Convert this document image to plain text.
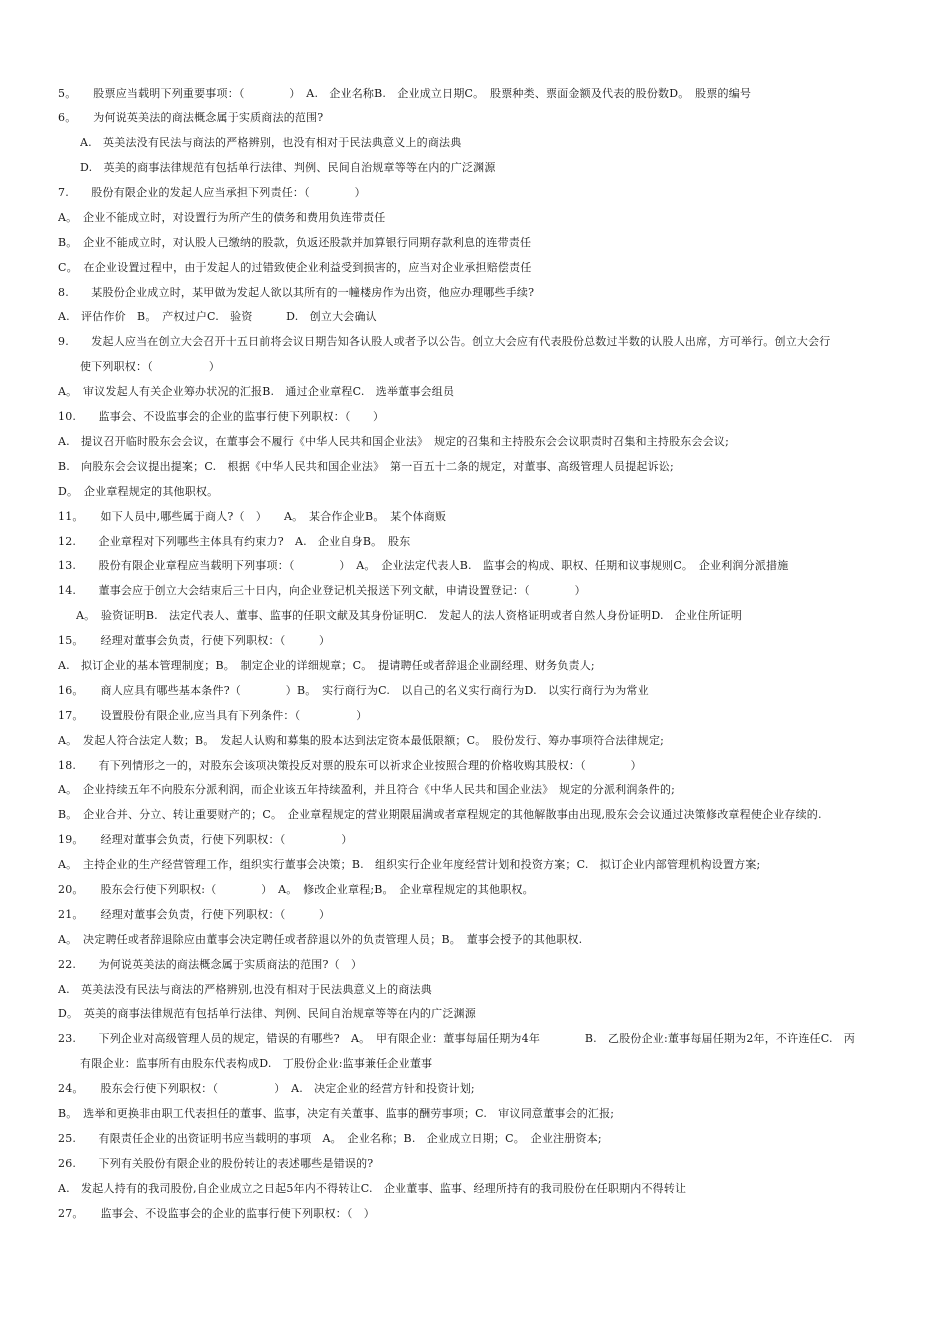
5。　　股票应当载明下列重要事项：（　　　　）　A.　企业名称B.　企业成立日期C。　股票种类、票面金额及代表的股份数D。　股票的编号
6。　　为何说英美法的商法概念属于实质商法的范围?
A.　英美法没有民法与商法的严格辨别，也没有相对于民法典意义上的商法典
D.　英美的商事法律规范有包括单行法律、判例、民间自治规章等等在内的广泛渊源
7.　　股份有限企业的发起人应当承担下列责任：（　　　　）
A。　企业不能成立时，对设置行为所产生的债务和费用负连带责任
B。　企业不能成立时，对认股人已缴纳的股款，负返还股款并加算银行同期存款利息的连带责任
C。　在企业设置过程中，由于发起人的过错致使企业利益受到损害的，应当对企业承担赔偿责任
8.　　某股份企业成立时，某甲做为发起人欲以其所有的一幢楼房作为出资，他应办理哪些手续?
A.　评估作价　B。　产权过户C.　验资　　　D.　创立大会确认
9.　　发起人应当在创立大会召开十五日前将会议日期告知各认股人或者予以公告。创立大会应有代表股份总数过半数的认股人出席，方可举行。创立大会行
使下列职权：（　　　　　）
A。　审议发起人有关企业筹办状况的汇报B.　通过企业章程C.　选举董事会组员
10.　　监事会、不设监事会的企业的监事行使下列职权：（　　）
A.　提议召开临时股东会会议，在董事会不履行《中华人民共和国企业法》　规定的召集和主持股东会会议职责时召集和主持股东会会议;
B.　向股东会会议提出提案；C.　根据《中华人民共和国企业法》　第一百五十二条的规定，对董事、高级管理人员提起诉讼;
D。　企业章程规定的其他职权。
11。　　如下人员中,哪些属于商人?（　）　　A。　某合作企业B。　某个体商贩
12.　　企业章程对下列哪些主体具有约束力?　A.　企业自身B。　股东
13.　　股份有限企业章程应当载明下列事项：（　　　　）　A。　企业法定代表人B.　监事会的构成、职权、任期和议事规则C。　企业利润分派措施
14.　　董事会应于创立大会结束后三十日内，向企业登记机关报送下列文献，申请设置登记：（　　　　）
A。　验资证明B.　法定代表人、董事、监事的任职文献及其身份证明C.　发起人的法人资格证明或者自然人身份证明D.　企业住所证明
15。　　经理对董事会负责，行使下列职权：（　　　）
A.　拟订企业的基本管理制度；B。　制定企业的详细规章；C。　提请聘任或者辞退企业副经理、财务负责人;
16。　　商人应具有哪些基本条件?（　　　　）B。　实行商行为C.　以自己的名义实行商行为D.　以实行商行为为常业
17。　　设置股份有限企业,应当具有下列条件：（　　　　　）
A。　发起人符合法定人数；B。　发起人认购和募集的股本达到法定资本最低限额；C。　股份发行、筹办事项符合法律规定;
18.　　有下列情形之一的，对股东会该项决策投反对票的股东可以祈求企业按照合理的价格收购其股权：（　　　　）
A。　企业持续五年不向股东分派利润，而企业该五年持续盈利，并且符合《中华人民共和国企业法》　规定的分派利润条件的;
B。　企业合并、分立、转让重要财产的；C。　企业章程规定的营业期限届满或者章程规定的其他解散事由出现,股东会会议通过决策修改章程使企业存续的.
19。　　经理对董事会负责，行使下列职权：（　　　　　）
A。　主持企业的生产经营管理工作，组织实行董事会决策；B.　组织实行企业年度经营计划和投资方案；C.　拟订企业内部管理机构设置方案;
20。　　股东会行使下列职权:（　　　　）　A。　修改企业章程;B。　企业章程规定的其他职权。
21。　　经理对董事会负责，行使下列职权：（　　　）
A。　决定聘任或者辞退除应由董事会决定聘任或者辞退以外的负责管理人员；B。　董事会授予的其他职权.
22.　　为何说英美法的商法概念属于实质商法的范围?（　）
A.　英美法没有民法与商法的严格辨别,也没有相对于民法典意义上的商法典
D。　英美的商事法律规范有包括单行法律、判例、民间自治规章等等在内的广泛渊源
23.　　下列企业对高级管理人员的规定，错误的有哪些?　A。　甲有限企业：董事每届任期为4年　　　　B.　乙股份企业:董事每届任期为2年，不许连任C.　丙
有限企业：监事所有由股东代表构成D.　丁股份企业:监事兼任企业董事
24。　　股东会行使下列职权：（　　　　　）　A.　决定企业的经营方针和投资计划;
B。　选举和更换非由职工代表担任的董事、监事，决定有关董事、监事的酬劳事项；C.　审议同意董事会的汇报;
25.　　有限责任企业的出资证明书应当载明的事项　A。　企业名称；B.　企业成立日期；C。　企业注册资本;
26.　　下列有关股份有限企业的股份转让的表述哪些是错误的?
A.　发起人持有的我司股份,自企业成立之日起5年内不得转让C.　企业董事、监事、经理所持有的我司股份在任职期内不得转让
27。　　监事会、不设监事会的企业的监事行使下列职权：（　）
